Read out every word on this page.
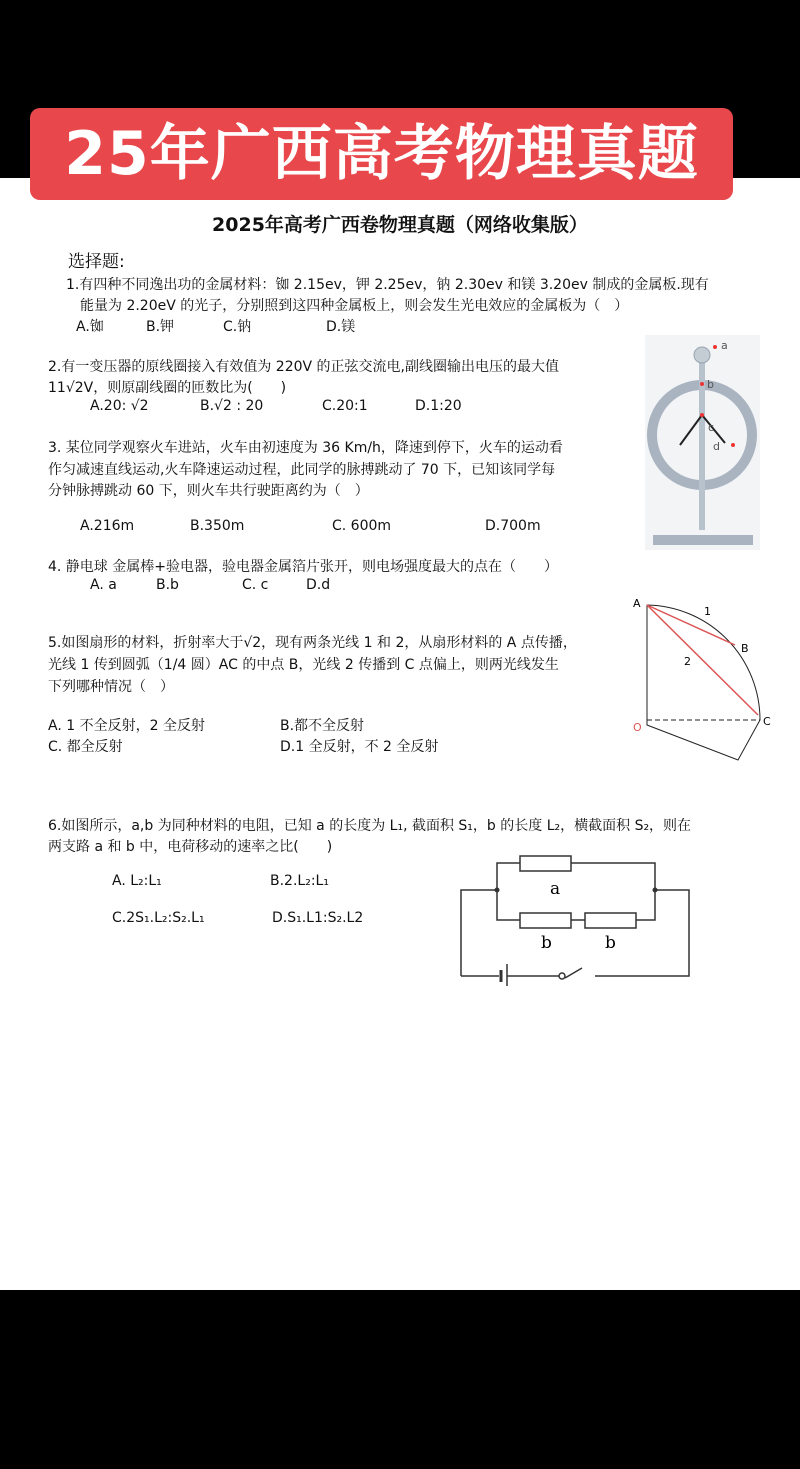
25年广西高考物理真题
2025年高考广西卷物理真题（网络收集版）
选择题:
1.有四种不同逸出功的金属材料：铷 2.15ev，钾 2.25ev，钠 2.30ev 和镁 3.20ev 制成的金属板.现有
能量为 2.20eV 的光子，分别照到这四种金属板上，则会发生光电效应的金属板为（　）
A.铷	B.钾	C.钠	D.镁
2.有一变压器的原线圈接入有效值为 220V 的正弦交流电,副线圈输出电压的最大值
11√2V，则原副线圈的匝数比为(　　)
A.20: √2	B.√2 : 20	C.20:1	D.1:20
3. 某位同学观察火车进站，火车由初速度为 36 Km/h，降速到停下，火车的运动看
作匀减速直线运动,火车降速运动过程，此同学的脉搏跳动了 70 下，已知该同学每
分钟脉搏跳动 60 下，则火车共行驶距离约为（　）
A.216m	B.350m	C. 600m	D.700m
4. 静电球 金属棒+验电器，验电器金属箔片张开，则电场强度最大的点在（　　）
A. a	B.b	C. c	D.d
5.如图扇形的材料，折射率大于√2，现有两条光线 1 和 2，从扇形材料的 A 点传播，
光线 1 传到圆弧（1/4 圆）AC 的中点 B，光线 2 传播到 C 点偏上，则两光线发生
下列哪种情况（　）
A. 1 不全反射，2 全反射	B.都不全反射
C. 都全反射	D.1 全反射，不 2 全反射
6.如图所示，a,b 为同种材料的电阻，已知 a 的长度为 L₁, 截面积 S₁，b 的长度 L₂，横截面积 S₂，则在
两支路 a 和 b 中，电荷移动的速率之比(　　)
A. L₂:L₁	B.2.L₂:L₁
C.2S₁.L₂:S₂.L₁	D.S₁.L1:S₂.L2
a
b
c
d
A
B
C
O
1
2
a
b	b
